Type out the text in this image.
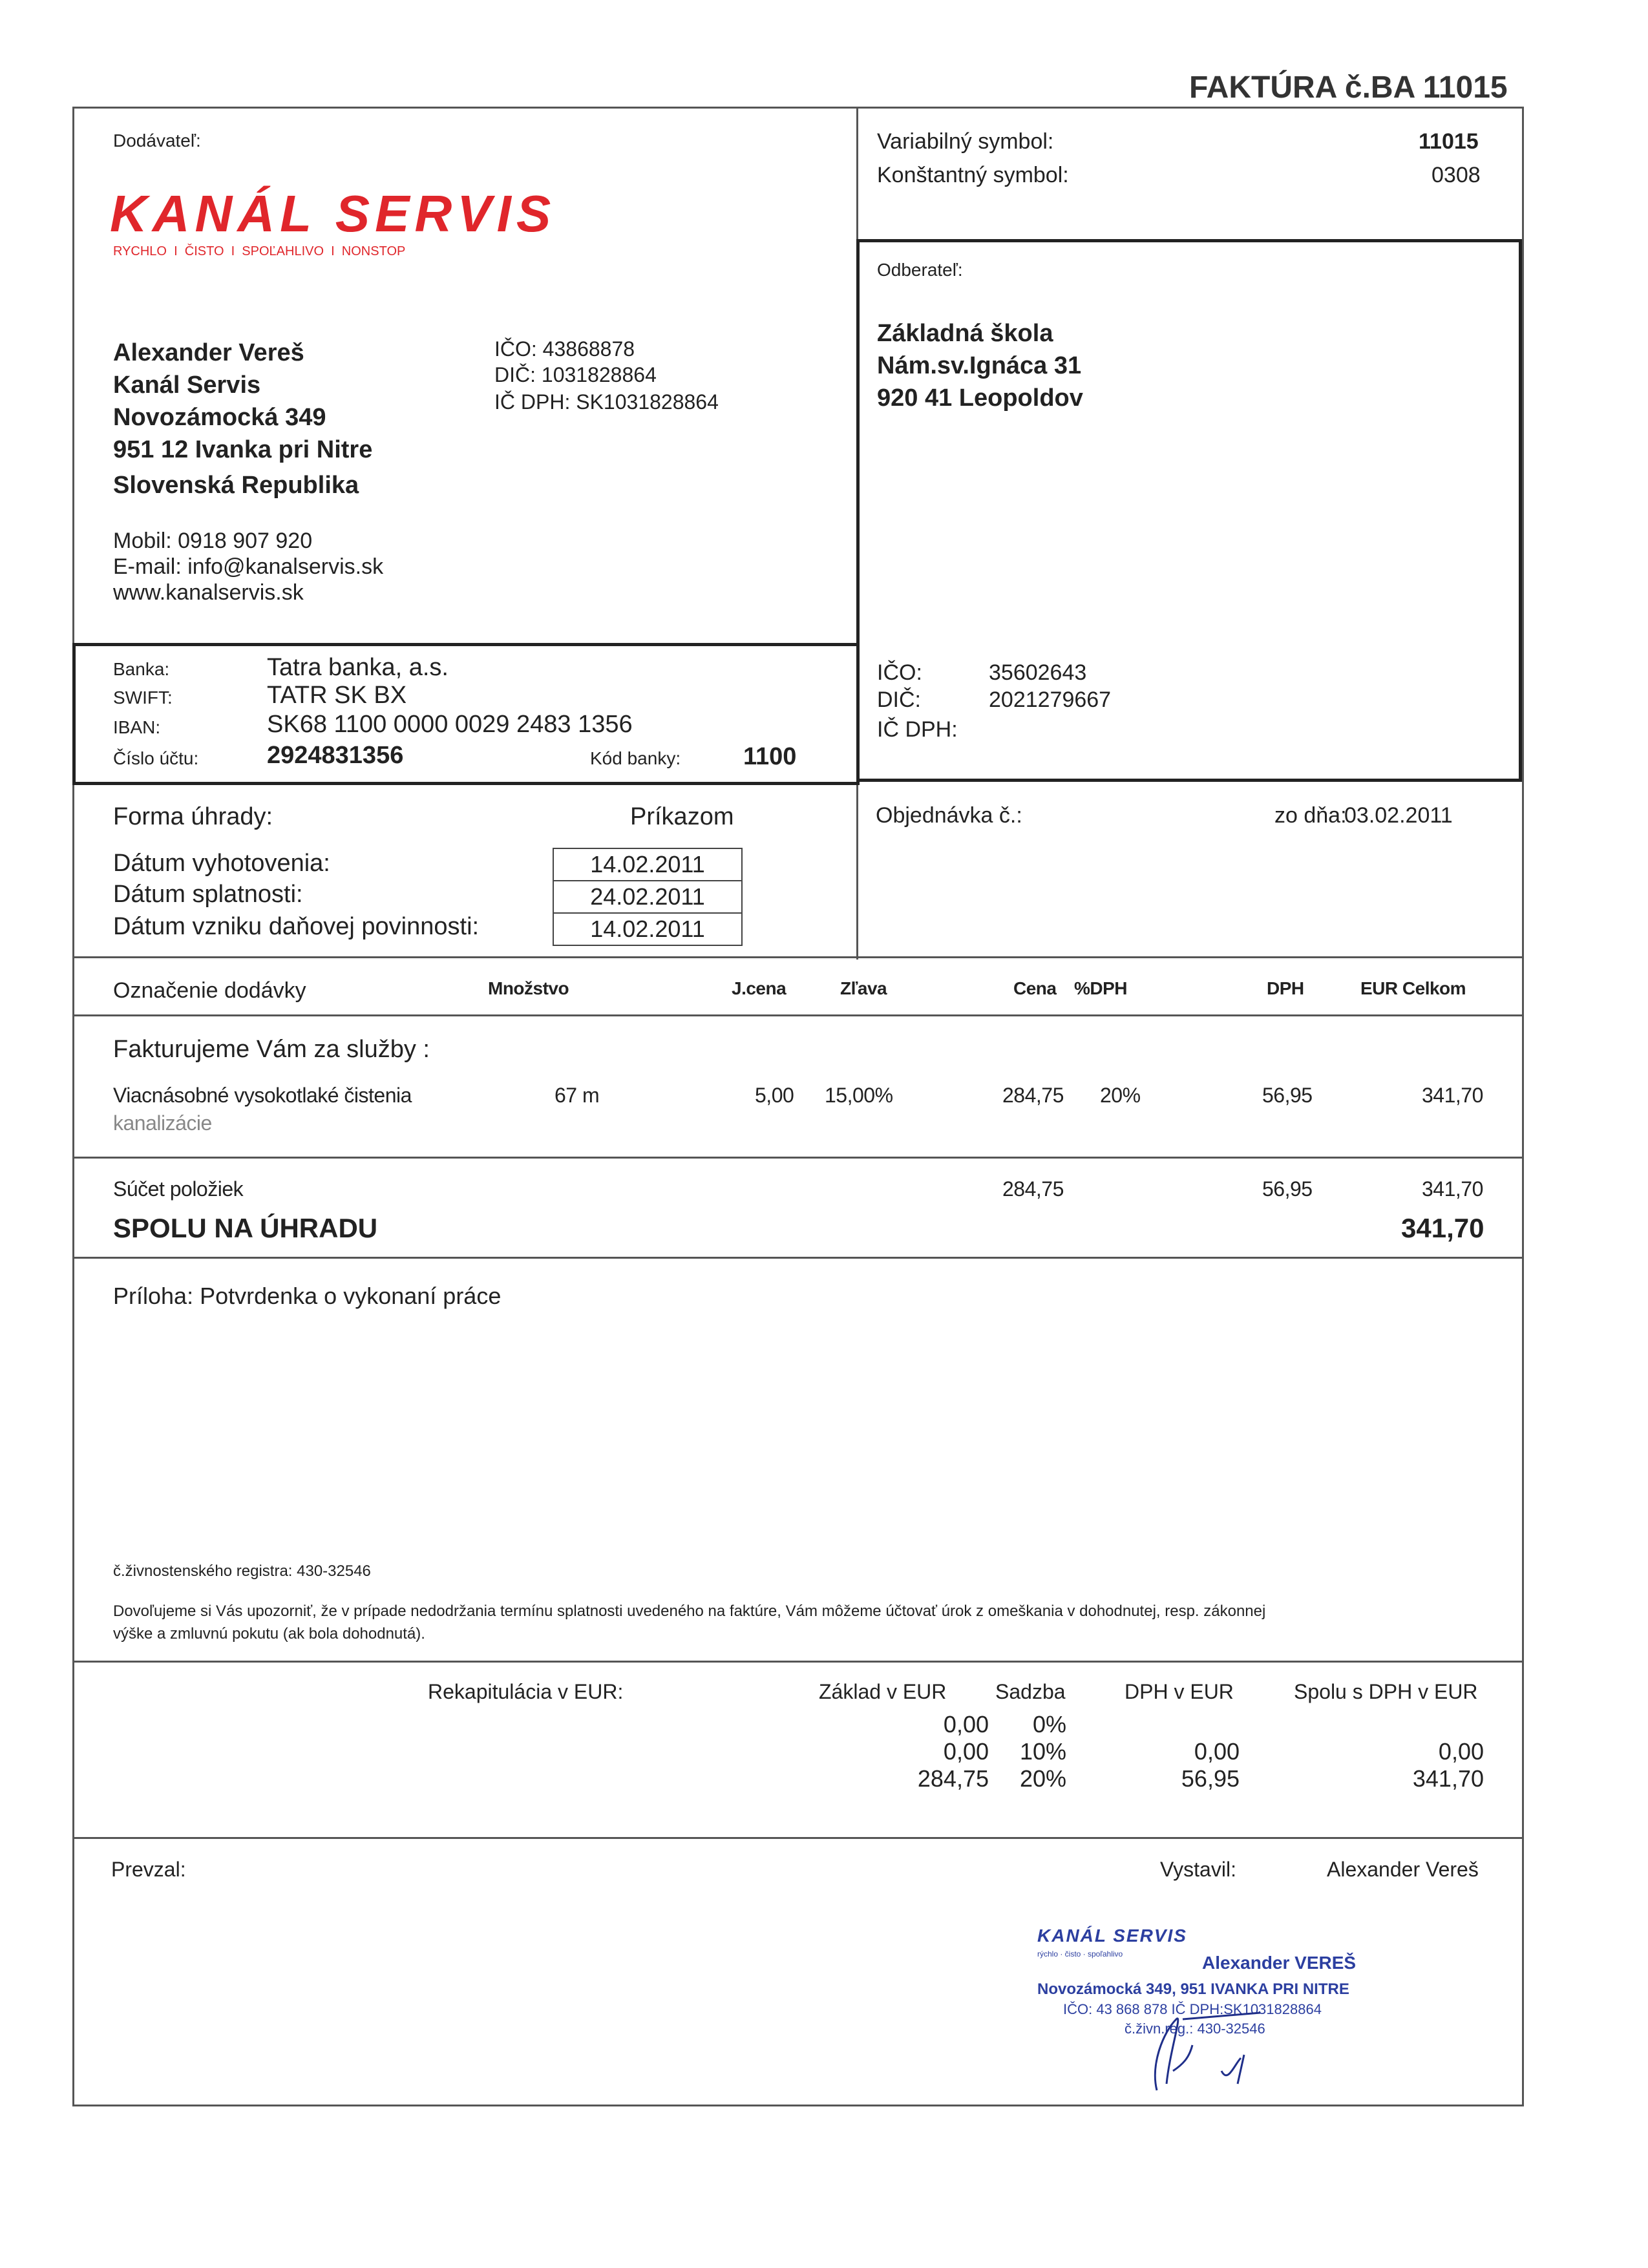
FAKTÚRA č.BA 11015
Dodávateľ:
KANÁL SERVIS
RYCHLO  I  ČISTO  I  SPOĽAHLIVO  I  NONSTOP
Alexander Vereš
Kanál Servis
Novozámocká 349
951 12 Ivanka pri Nitre
Slovenská Republika
IČO: 43868878
DIČ: 1031828864
IČ DPH: SK1031828864
Mobil: 0918 907 920
E-mail: info@kanalservis.sk
www.kanalservis.sk
Variabilný symbol:	11015
Konštantný symbol:	0308
Odberateľ:
Základná škola
Nám.sv.Ignáca 31
920 41 Leopoldov
IČO:	35602643
DIČ:	2021279667
IČ DPH:
Banka:	Tatra banka, a.s.
SWIFT:	TATR SK BX
IBAN:	SK68 1100 0000 0029 2483 1356
Číslo účtu:	2924831356	Kód banky:	1100
Forma úhrady:	Príkazom
Dátum vyhotovenia:	14.02.2011
Dátum splatnosti:	24.02.2011
Dátum vzniku daňovej povinnosti:	14.02.2011
Objednávka č.:	zo dňa:
03.02.2011
Označenie dodávky	Množstvo	J.cena	Zľava	Cena %DPH	DPH	EUR Celkom
Fakturujeme Vám za služby :
Viacnásobné vysokotlaké čistenia
kanalizácie
67 m	5,00 15,00%	284,75 20%	56,95	341,70
Súčet položiek	284,75	56,95	341,70
SPOLU NA ÚHRADU	341,70
Príloha: Potvrdenka o vykonaní práce
č.živnostenského registra: 430-32546
Dovoľujeme si Vás upozorniť, že v prípade nedodržania termínu splatnosti uvedeného na faktúre, Vám môžeme účtovať úrok z omeškania v dohodnutej, resp. zákonnej
výške a zmluvnú pokutu (ak bola dohodnutá).
Rekapitulácia v EUR:	Základ v EUR Sadzba	DPH v EUR	Spolu s DPH v EUR
0,00 0%
0,00 10%	0,00	0,00
284,75 20%	56,95	341,70
Prevzal:	Vystavil:	Alexander Vereš
KANÁL SERVIS
rýchlo · čisto · spoľahlivo	Alexander VEREŠ
Novozámocká 349, 951 IVANKA PRI NITRE
IČO: 43 868 878 IČ DPH:SK1031828864
č.živn.reg.: 430-32546
